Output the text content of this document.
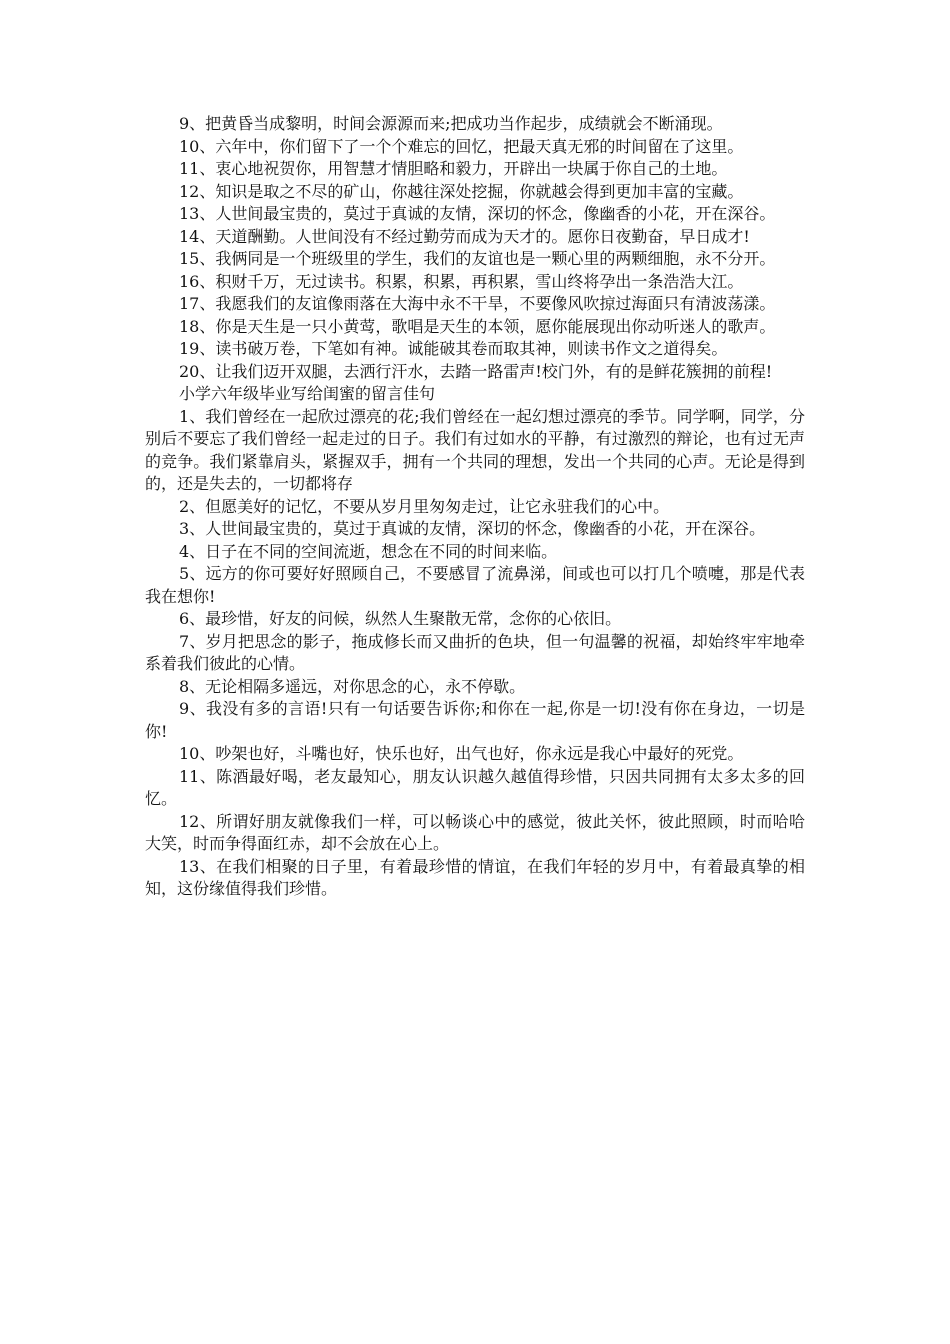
9、把黄昏当成黎明，时间会源源而来;把成功当作起步，成绩就会不断涌现。

10、六年中，你们留下了一个个难忘的回忆，把最天真无邪的时间留在了这里。

11、衷心地祝贺你，用智慧才情胆略和毅力，开辟出一块属于你自己的土地。

12、知识是取之不尽的矿山，你越往深处挖掘，你就越会得到更加丰富的宝藏。

13、人世间最宝贵的，莫过于真诚的友情，深切的怀念，像幽香的小花，开在深谷。

14、天道酬勤。人世间没有不经过勤劳而成为天才的。愿你日夜勤奋，早日成才!

15、我俩同是一个班级里的学生，我们的友谊也是一颗心里的两颗细胞，永不分开。

16、积财千万，无过读书。积累，积累，再积累，雪山终将孕出一条浩浩大江。

17、我愿我们的友谊像雨落在大海中永不干旱，不要像风吹掠过海面只有清波荡漾。

18、你是天生是一只小黄莺，歌唱是天生的本领，愿你能展现出你动听迷人的歌声。

19、读书破万卷，下笔如有神。诚能破其卷而取其神，则读书作文之道得矣。

20、让我们迈开双腿，去洒行汗水，去踏一路雷声!校门外，有的是鲜花簇拥的前程!

小学六年级毕业写给闺蜜的留言佳句

1、我们曾经在一起欣过漂亮的花;我们曾经在一起幻想过漂亮的季节。同学啊，同学，分别后不要忘了我们曾经一起走过的日子。我们有过如水的平静，有过激烈的辩论，也有过无声的竞争。我们紧靠肩头，紧握双手，拥有一个共同的理想，发出一个共同的心声。无论是得到的，还是失去的，一切都将存

2、但愿美好的记忆，不要从岁月里匆匆走过，让它永驻我们的心中。

3、人世间最宝贵的，莫过于真诚的友情，深切的怀念，像幽香的小花，开在深谷。

4、日子在不同的空间流逝，想念在不同的时间来临。

5、远方的你可要好好照顾自己，不要感冒了流鼻涕，间或也可以打几个喷嚏，那是代表我在想你!

6、最珍惜，好友的问候，纵然人生聚散无常，念你的心依旧。

7、岁月把思念的影子，拖成修长而又曲折的色块，但一句温馨的祝福，却始终牢牢地牵系着我们彼此的心情。

8、无论相隔多遥远，对你思念的心，永不停歇。

9、我没有多的言语!只有一句话要告诉你;和你在一起,你是一切!没有你在身边，一切是你!

10、吵架也好，斗嘴也好，快乐也好，出气也好，你永远是我心中最好的死党。

11、陈酒最好喝，老友最知心，朋友认识越久越值得珍惜，只因共同拥有太多太多的回忆。

12、所谓好朋友就像我们一样，可以畅谈心中的感觉，彼此关怀，彼此照顾，时而哈哈大笑，时而争得面红赤，却不会放在心上。

13、在我们相聚的日子里，有着最珍惜的情谊，在我们年轻的岁月中，有着最真挚的相知，这份缘值得我们珍惜。
